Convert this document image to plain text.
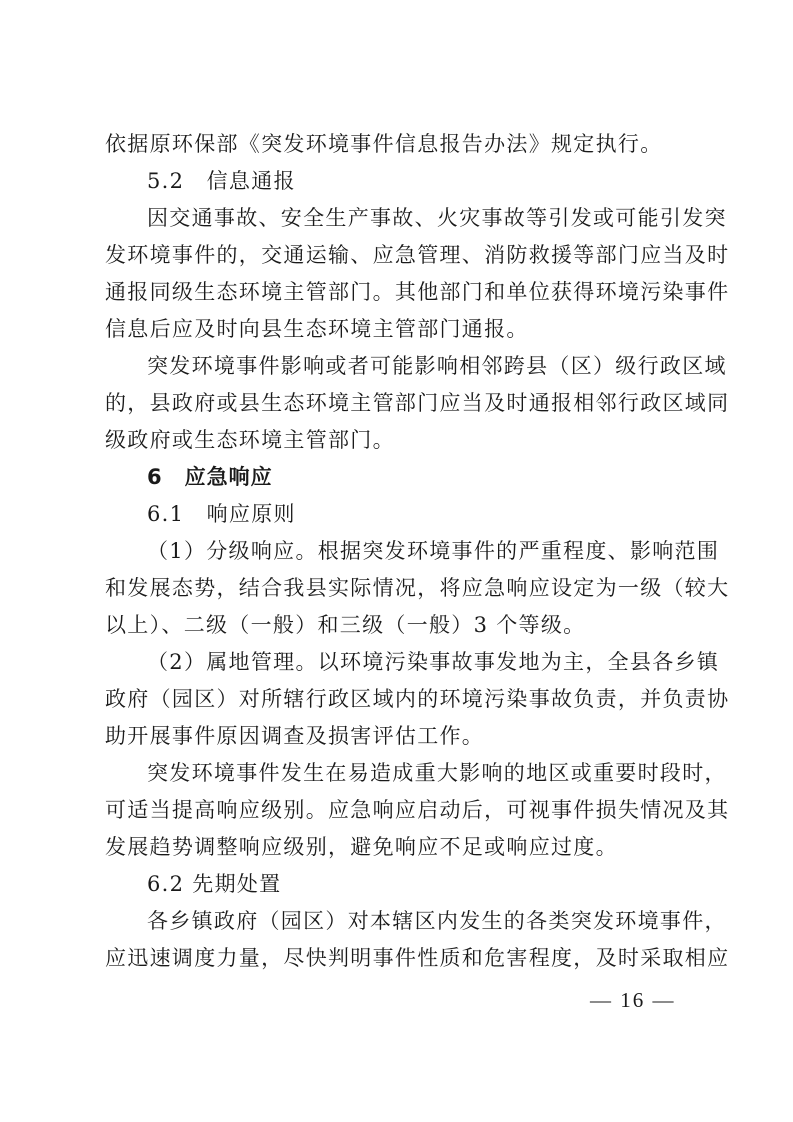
依据原环保部《突发环境事件信息报告办法》规定执行。
5.2　信息通报
因交通事故、安全生产事故、火灾事故等引发或可能引发突
发环境事件的，交通运输、应急管理、消防救援等部门应当及时
通报同级生态环境主管部门。其他部门和单位获得环境污染事件
信息后应及时向县生态环境主管部门通报。
突发环境事件影响或者可能影响相邻跨县（区）级行政区域
的，县政府或县生态环境主管部门应当及时通报相邻行政区域同
级政府或生态环境主管部门。
6　应急响应
6.1　响应原则
（1）分级响应。根据突发环境事件的严重程度、影响范围
和发展态势，结合我县实际情况，将应急响应设定为一级（较大
以上）、二级（一般）和三级（一般）3 个等级。
（2）属地管理。以环境污染事故事发地为主，全县各乡镇
政府（园区）对所辖行政区域内的环境污染事故负责，并负责协
助开展事件原因调查及损害评估工作。
突发环境事件发生在易造成重大影响的地区或重要时段时，
可适当提高响应级别。应急响应启动后，可视事件损失情况及其
发展趋势调整响应级别，避免响应不足或响应过度。
6.2 先期处置
各乡镇政府（园区）对本辖区内发生的各类突发环境事件，
应迅速调度力量，尽快判明事件性质和危害程度，及时采取相应
— 16 —
